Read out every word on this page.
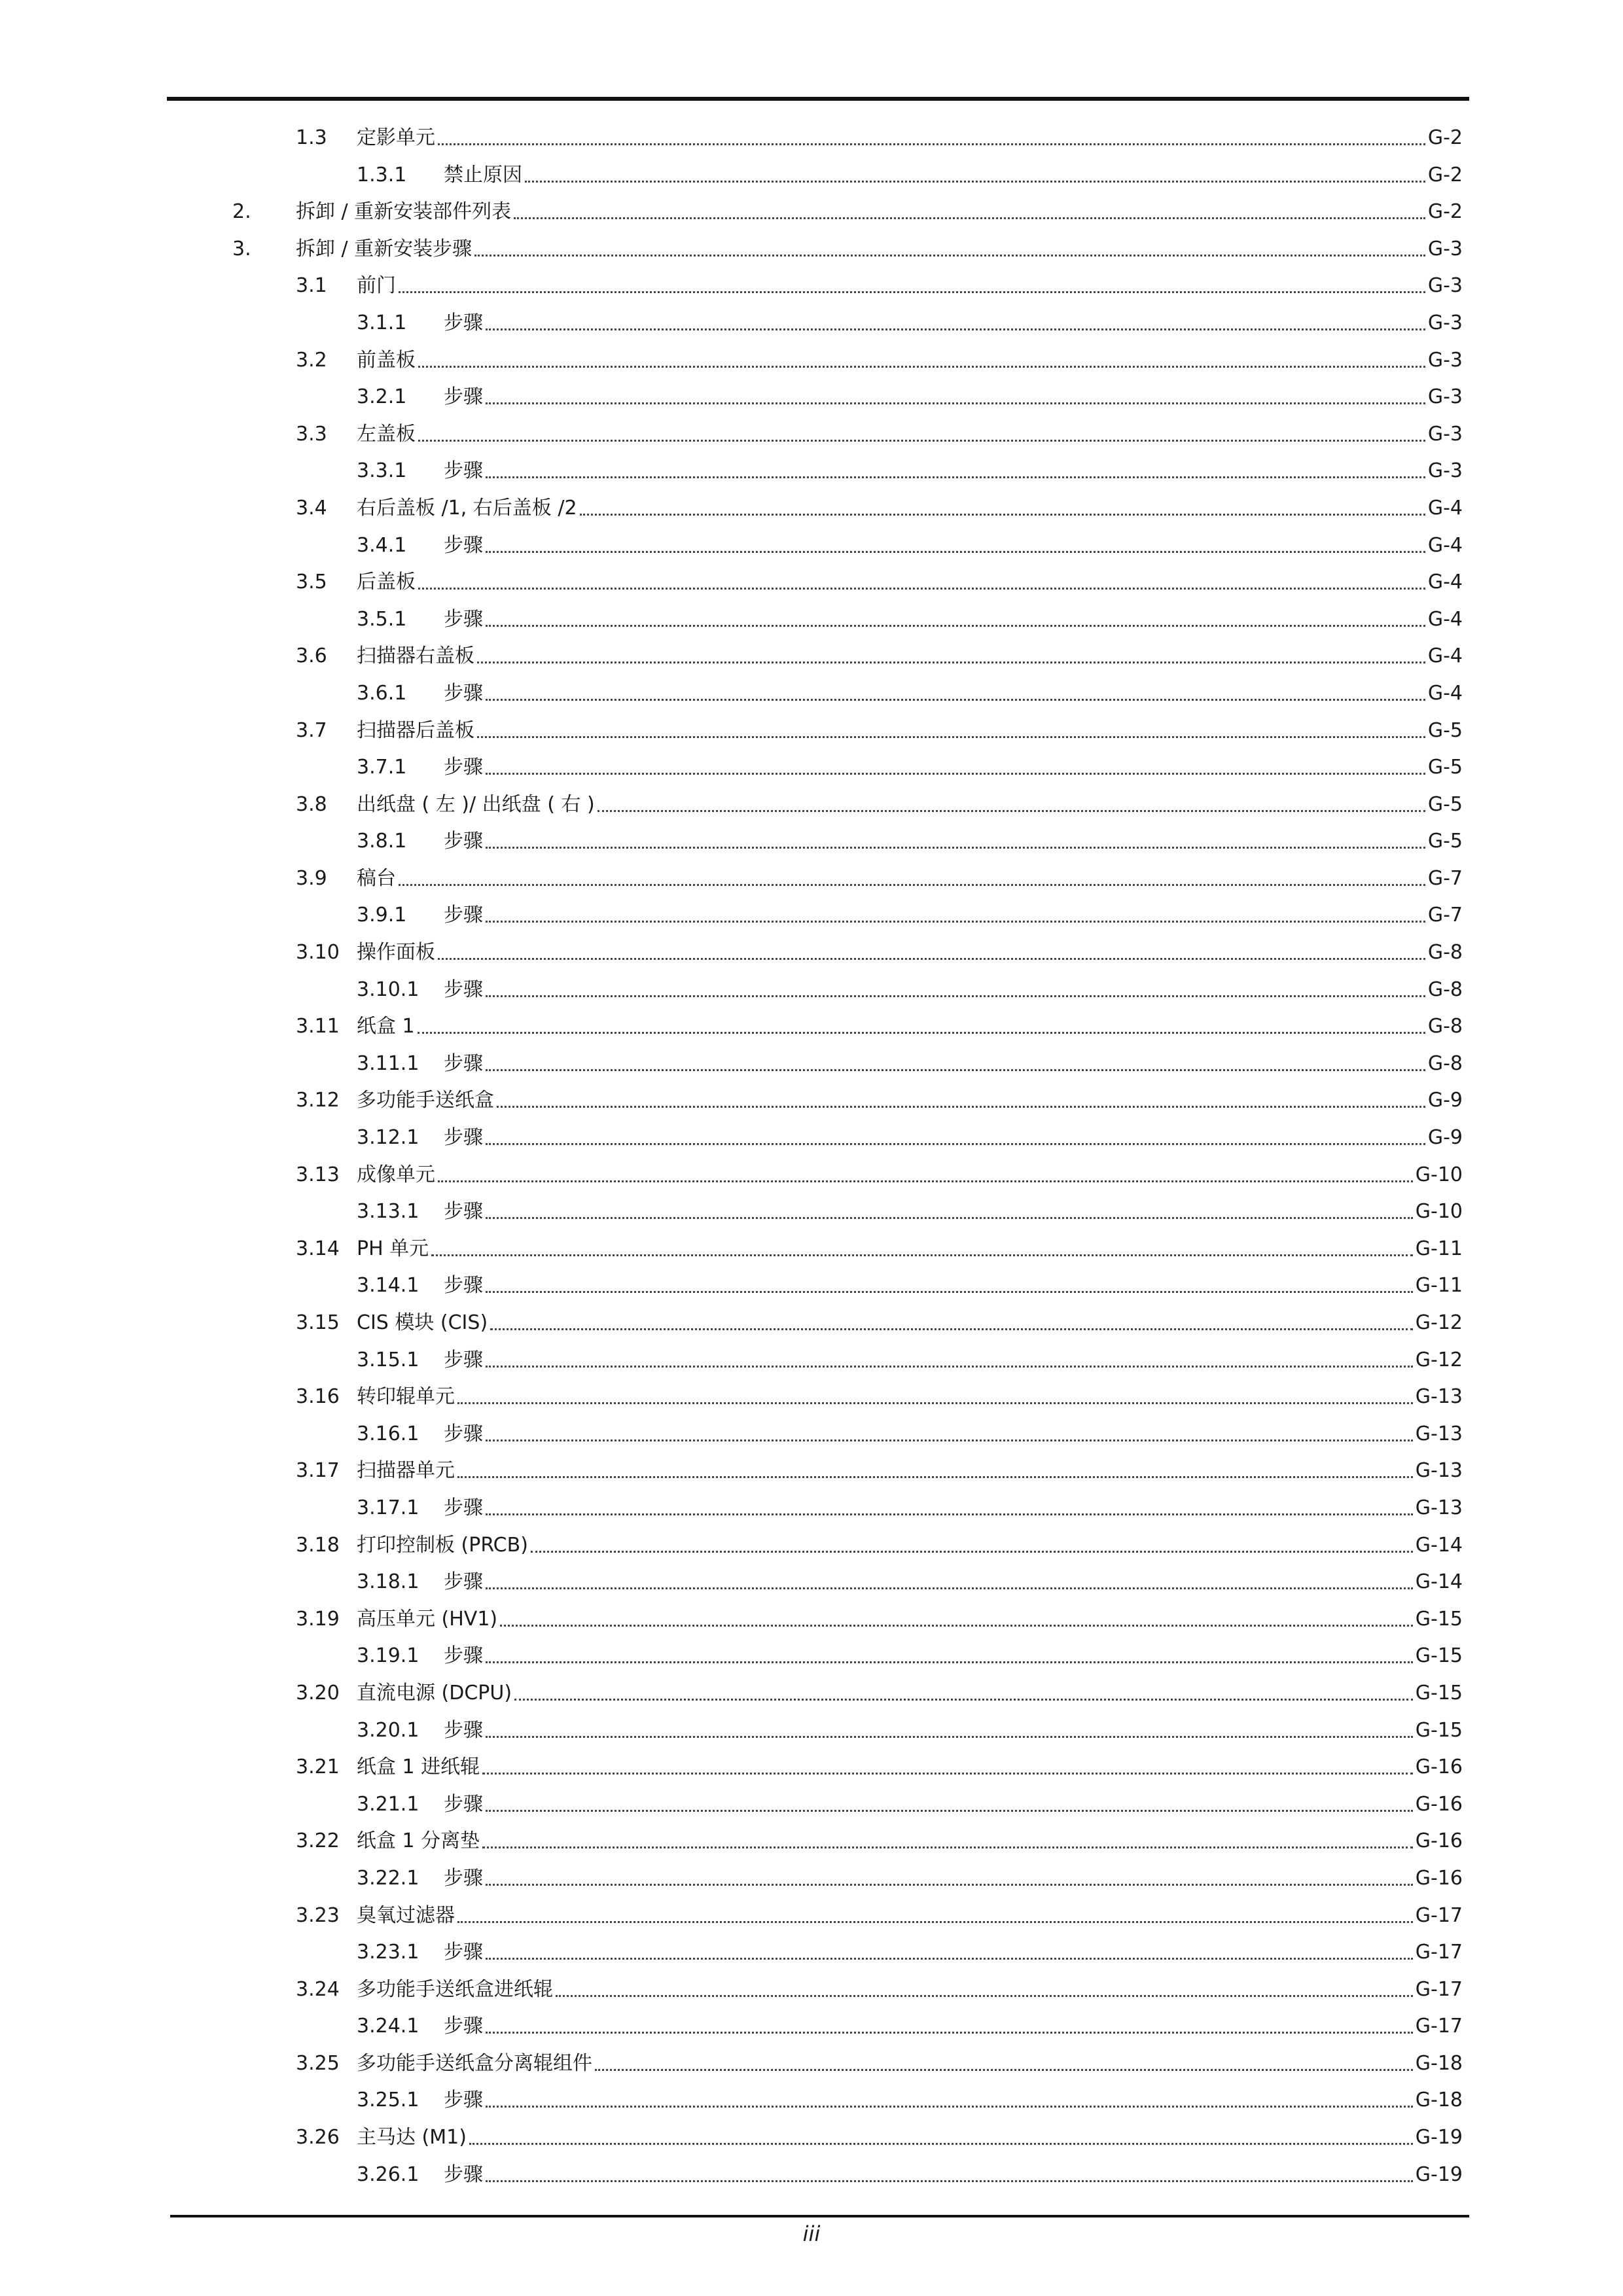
1.3 定影单元	G-2
1.3.1 禁止原因	G-2
2. 拆卸 / 重新安装部件列表	G-2
3. 拆卸 / 重新安装步骤	G-3
3.1 前门	G-3
3.1.1 步骤	G-3
3.2 前盖板	G-3
3.2.1 步骤	G-3
3.3 左盖板	G-3
3.3.1 步骤	G-3
3.4 右后盖板 /1, 右后盖板 /2	G-4
3.4.1 步骤	G-4
3.5 后盖板	G-4
3.5.1 步骤	G-4
3.6 扫描器右盖板	G-4
3.6.1 步骤	G-4
3.7 扫描器后盖板	G-5
3.7.1 步骤	G-5
3.8 出纸盘 ( 左 )/ 出纸盘 ( 右 )	G-5
3.8.1 步骤	G-5
3.9 稿台	G-7
3.9.1 步骤	G-7
3.10 操作面板	G-8
3.10.1 步骤	G-8
3.11 纸盒 1	G-8
3.11.1 步骤	G-8
3.12 多功能手送纸盒	G-9
3.12.1 步骤	G-9
3.13 成像单元	G-10
3.13.1 步骤	G-10
3.14 PH 单元	G-11
3.14.1 步骤	G-11
3.15 CIS 模块 (CIS)	G-12
3.15.1 步骤	G-12
3.16 转印辊单元	G-13
3.16.1 步骤	G-13
3.17 扫描器单元	G-13
3.17.1 步骤	G-13
3.18 打印控制板 (PRCB)	G-14
3.18.1 步骤	G-14
3.19 高压单元 (HV1)	G-15
3.19.1 步骤	G-15
3.20 直流电源 (DCPU)	G-15
3.20.1 步骤	G-15
3.21 纸盒 1 进纸辊	G-16
3.21.1 步骤	G-16
3.22 纸盒 1 分离垫	G-16
3.22.1 步骤	G-16
3.23 臭氧过滤器	G-17
3.23.1 步骤	G-17
3.24 多功能手送纸盒进纸辊	G-17
3.24.1 步骤	G-17
3.25 多功能手送纸盒分离辊组件	G-18
3.25.1 步骤	G-18
3.26 主马达 (M1)	G-19
3.26.1 步骤	G-19
iii
